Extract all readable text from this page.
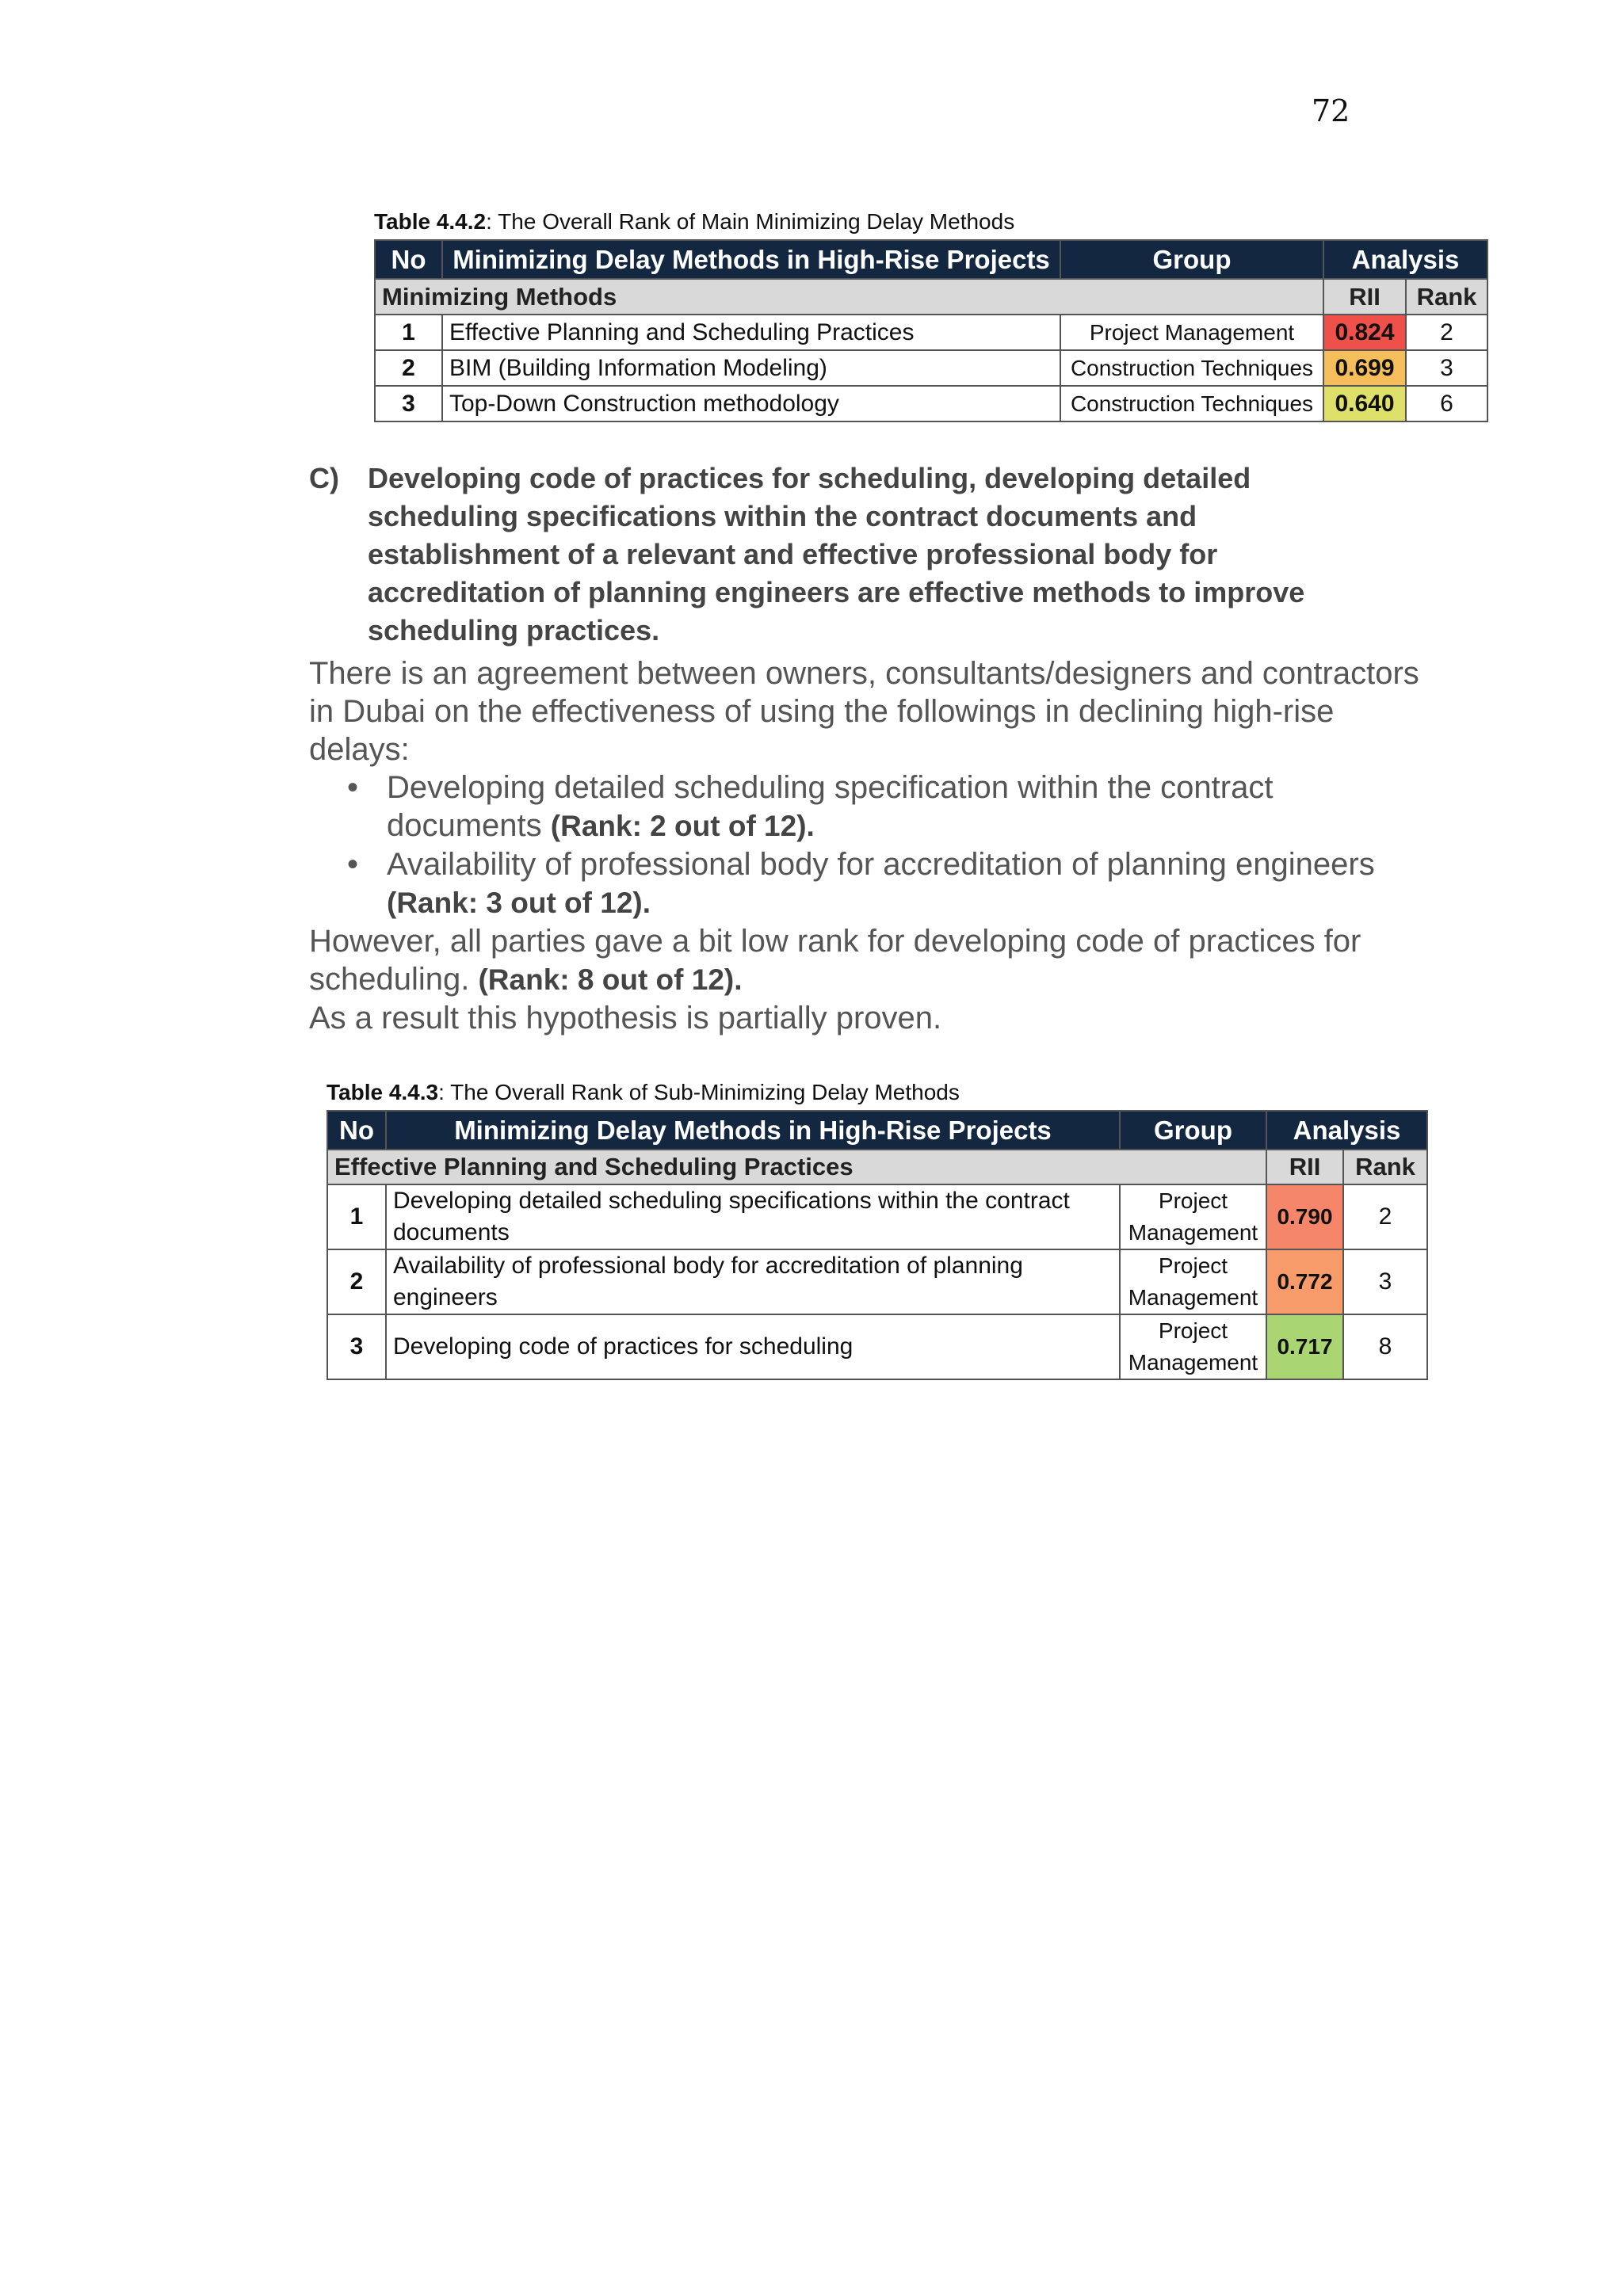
72
Table 4.4.2: The Overall Rank of Main Minimizing Delay Methods
No	Minimizing Delay Methods in High-Rise Projects	Group	Analysis	
Minimizing Methods			RII	Rank
1	Effective Planning and Scheduling Practices	Project Management	0.824	2
2	BIM (Building Information Modeling)	Construction Techniques	0.699	3
3	Top-Down Construction methodology	Construction Techniques	0.640	6
C) Developing code of practices for scheduling, developing detailed scheduling specifications within the contract documents and establishment of a relevant and effective professional body for accreditation of planning engineers are effective methods to improve scheduling practices.

There is an agreement between owners, consultants/designers and contractors in Dubai on the effectiveness of using the followings in declining high-rise delays:

• Developing detailed scheduling specification within the contract documents (Rank: 2 out of 12).
• Availability of professional body for accreditation of planning engineers (Rank: 3 out of 12).

However, all parties gave a bit low rank for developing code of practices for scheduling. (Rank: 8 out of 12).

As a result this hypothesis is partially proven.

Table 4.4.3: The Overall Rank of Sub-Minimizing Delay Methods
No	Minimizing Delay Methods in High-Rise Projects	Group	Analysis	
Effective Planning and Scheduling Practices			RII	Rank
1	Developing detailed scheduling specifications within the contract documents	Project Management	0.790	2
2	Availability of professional body for accreditation of planning engineers	Project Management	0.772	3
3	Developing code of practices for scheduling	Project Management	0.717	8
